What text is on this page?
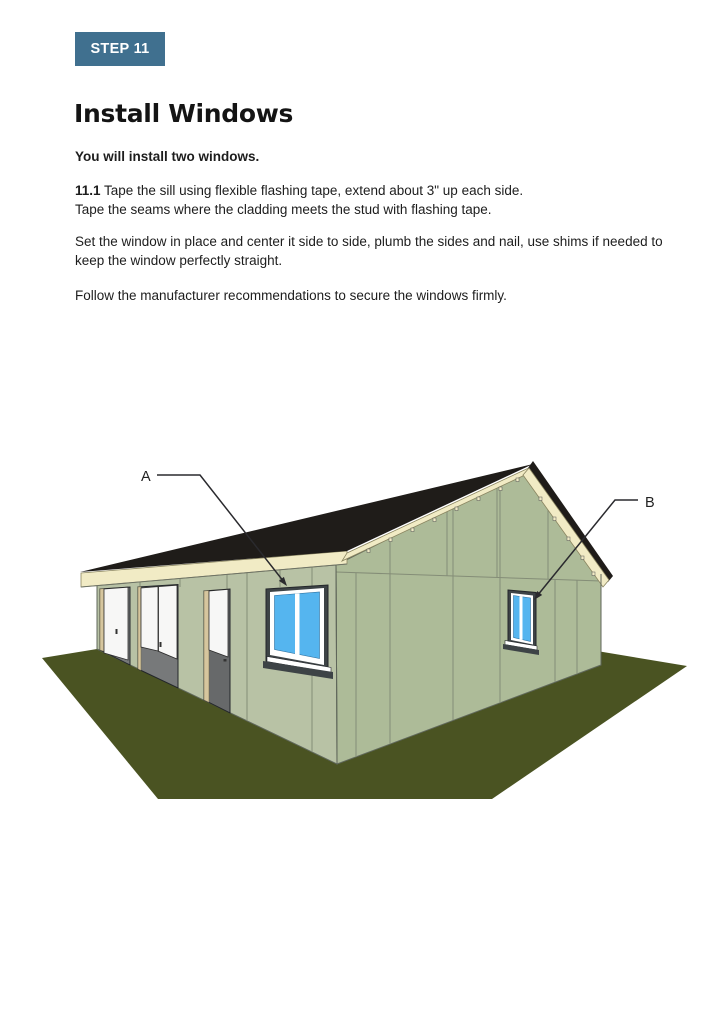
STEP 11
Install Windows
You will install two windows.
11.1 Tape the sill using flexible flashing tape, extend about 3" up each side.
Tape the seams where the cladding meets the stud with flashing tape.
Set the window in place and center it side to side, plumb the sides and nail, use shims if needed to
keep the window perfectly straight.
Follow the manufacturer recommendations to secure the windows firmly.
A
B
